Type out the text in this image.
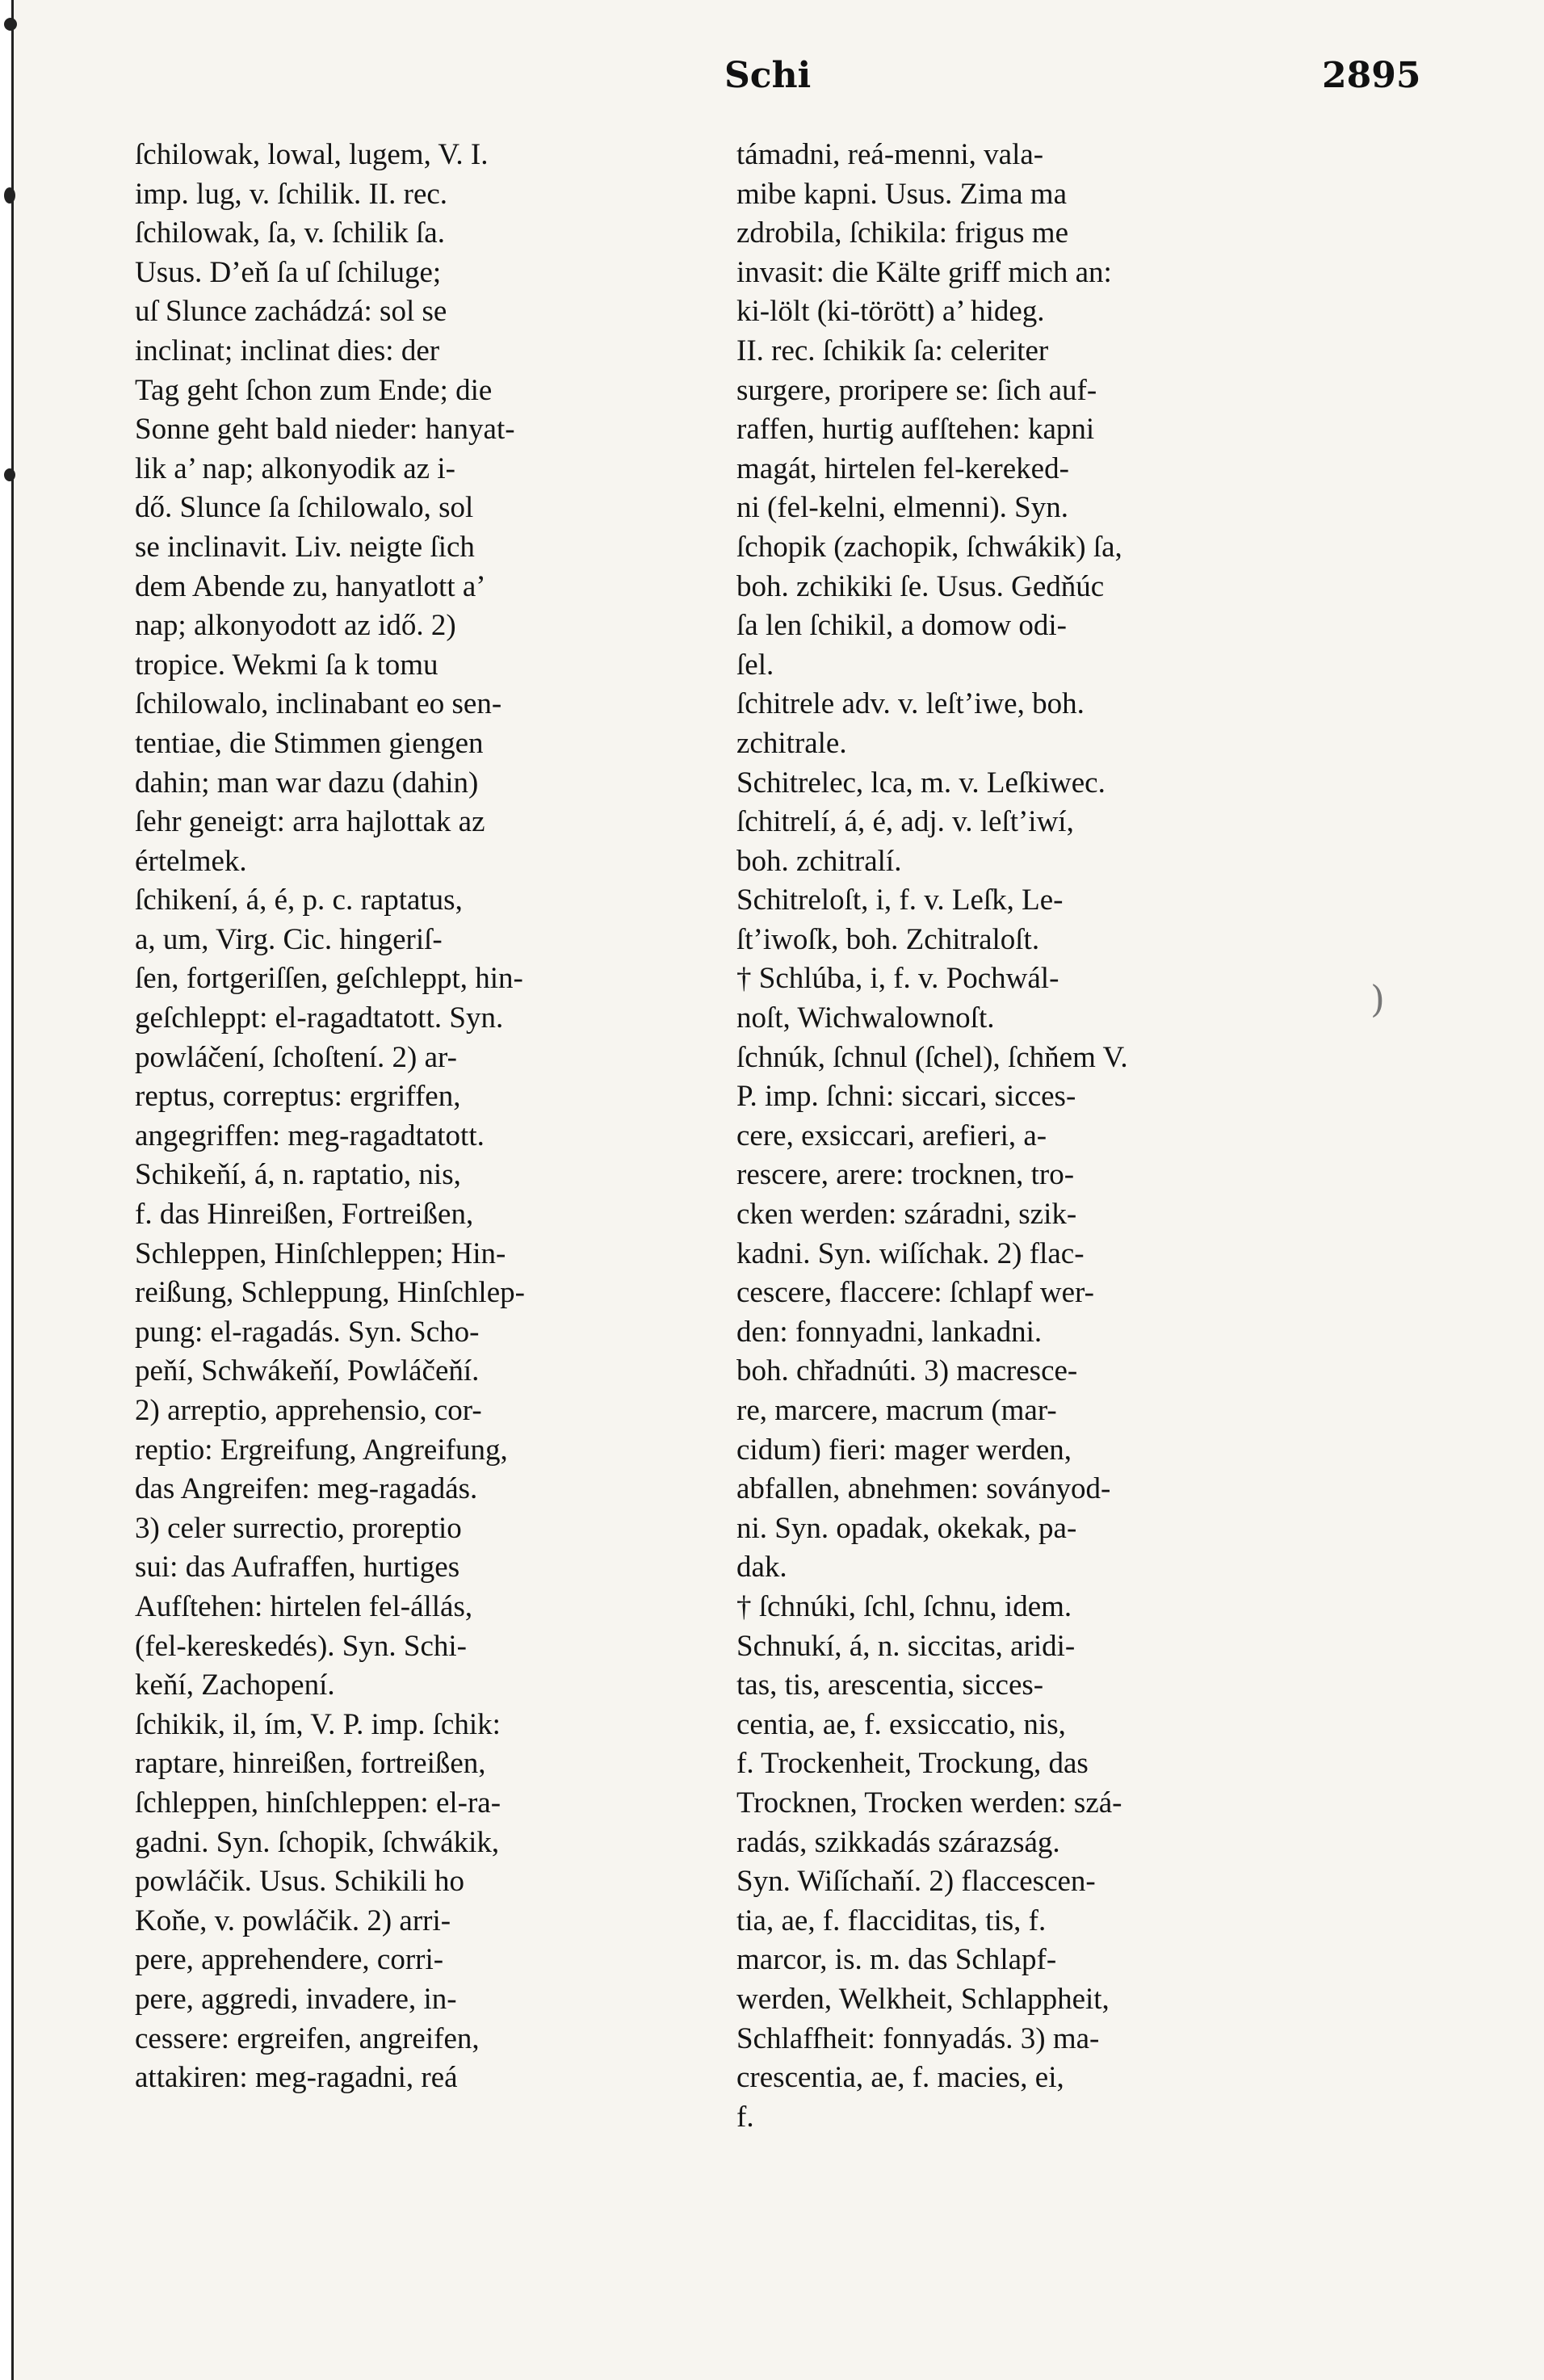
Schi	2895
ſchilowak, lowal, lugem, V. I.
imp. lug, v. ſchilik. II. rec.
ſchilowak, ſa, v. ſchilik ſa.
Usus. D’eň ſa uſ ſchiluge;
uſ Slunce zachádzá: sol se
inclinat; inclinat dies: der
Tag geht ſchon zum Ende; die
Sonne geht bald nieder: hanyat-
lik a’ nap; alkonyodik az i-
dő. Slunce ſa ſchilowalo, sol
se inclinavit. Liv. neigte ſich
dem Abende zu, hanyatlott a’
nap; alkonyodott az idő. 2)
tropice. Wekmi ſa k tomu
ſchilowalo, inclinabant eo sen-
tentiae, die Stimmen giengen
dahin; man war dazu (dahin)
ſehr geneigt: arra hajlottak az
értelmek.
ſchikení, á, é, p. c. raptatus,
a, um, Virg. Cic. hingeriſ-
ſen, fortgeriſſen, geſchleppt, hin-
geſchleppt: el-ragadtatott. Syn.
powláčení, ſchoſtení. 2) ar-
reptus, correptus: ergriffen,
angegriffen: meg-ragadtatott.
Schikeňí, á, n. raptatio, nis,
f. das Hinreißen, Fortreißen,
Schleppen, Hinſchleppen; Hin-
reißung, Schleppung, Hinſchlep-
pung: el-ragadás. Syn. Scho-
peňí, Schwákeňí, Powláčeňí.
2) arreptio, apprehensio, cor-
reptio: Ergreifung, Angreifung,
das Angreifen: meg-ragadás.
3) celer surrectio, proreptio
sui: das Aufraffen, hurtiges
Aufſtehen: hirtelen fel-állás,
(fel-kereskedés). Syn. Schi-
keňí, Zachopení.
ſchikik, il, ím, V. P. imp. ſchik:
raptare, hinreißen, fortreißen,
ſchleppen, hinſchleppen: el-ra-
gadni. Syn. ſchopik, ſchwákik,
powláčik. Usus. Schikili ho
Koňe, v. powláčik. 2) arri-
pere, apprehendere, corri-
pere, aggredi, invadere, in-
cessere: ergreifen, angreifen,
attakiren: meg-ragadni, reá
támadni, reá-menni, vala-
mibe kapni. Usus. Zima ma
zdrobila, ſchikila: frigus me
invasit: die Kälte griff mich an:
ki-lölt (ki-törött) a’ hideg.
II. rec. ſchikik ſa: celeriter
surgere, proripere se: ſich auf-
raffen, hurtig aufſtehen: kapni
magát, hirtelen fel-kereked-
ni (fel-kelni, elmenni). Syn.
ſchopik (zachopik, ſchwákik) ſa,
boh. zchikiki ſe. Usus. Gedňúc
ſa len ſchikil, a domow odi-
ſel.
ſchitrele adv. v. leſt’iwe, boh.
zchitrale.
Schitrelec, lca, m. v. Leſkiwec.
ſchitrelí, á, é, adj. v. leſt’iwí,
boh. zchitralí.
Schitreloſt, i, f. v. Leſk, Le-
ſt’iwoſk, boh. Zchitraloſt.
† Schlúba, i, f. v. Pochwál-
noſt, Wichwalownoſt.
ſchnúk, ſchnul (ſchel), ſchňem V.
P. imp. ſchni: siccari, sicces-
cere, exsiccari, arefieri, a-
rescere, arere: trocknen, tro-
cken werden: száradni, szik-
kadni. Syn. wiſíchak. 2) flac-
cescere, flaccere: ſchlapf wer-
den: fonnyadni, lankadni.
boh. chřadnúti. 3) macresce-
re, marcere, macrum (mar-
cidum) fieri: mager werden,
abfallen, abnehmen: soványod-
ni. Syn. opadak, okekak, pa-
dak.
† ſchnúki, ſchl, ſchnu, idem.
Schnukí, á, n. siccitas, aridi-
tas, tis, arescentia, sicces-
centia, ae, f. exsiccatio, nis,
f. Trockenheit, Trockung, das
Trocknen, Trocken werden: szá-
radás, szikkadás szárazság.
Syn. Wiſíchaňí. 2) flaccescen-
tia, ae, f. flacciditas, tis, f.
marcor, is. m. das Schlapf-
werden, Welkheit, Schlappheit,
Schlaffheit: fonnyadás. 3) ma-
crescentia, ae, f. macies, ei,
f.
)
